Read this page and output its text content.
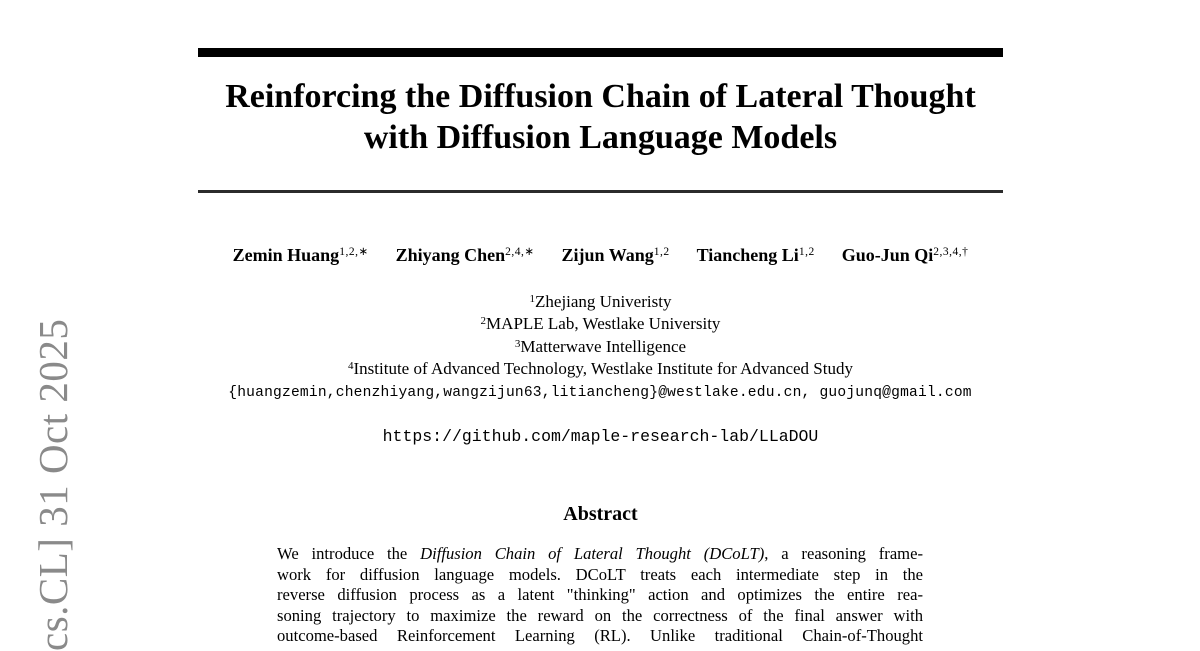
cs.CL] 31 Oct 2025
Reinforcing the Diffusion Chain of Lateral Thought
with Diffusion Language Models
Zemin Huang$^{1,2,∗}$ Zhiyang Chen$^{2,4,∗}$ Zijun Wang$^{1,2}$ Tiancheng Li$^{1,2}$ Guo-Jun $Qi^{2,3,4,\dagger}$
$^1$Zhejiang Univeristy
$^2$MAPLE Lab, Westlake University
$^3$Matterwave Intelligence
$^4$Institute of Advanced Technology, Westlake Institute for Advanced Study
{huangzemin,chenzhiyang,wangzijun63,litiancheng}@westlake.edu.cn, guojunq@gmail.com
https://github.com/maple-research-lab/LLaDOU
Abstract
We introduce the Diffusion Chain of Lateral Thought (DCoLT), a reasoning frame-
work for diffusion language models. DCoLT treats each intermediate step in the
reverse diffusion process as a latent "thinking" action and optimizes the entire rea-
soning trajectory to maximize the reward on the correctness of the final answer with
outcome-based Reinforcement Learning (RL). Unlike traditional Chain-of-Thought
